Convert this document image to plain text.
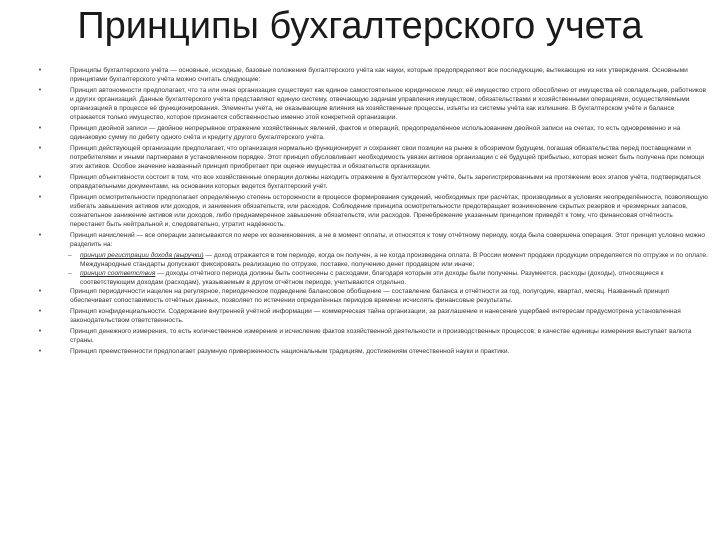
Принципы бухгалтерского учета
•	Принципы бухгалтерского учёта — основные, исходные, базовые положения бухгалтерского учёта как науки, которые предопределяют все последующие, вытекающие из них утверждения. Основными принципами бухгалтерского учёта можно считать следующие:
•	Принцип автономности предполагает, что та или иная организация существует как единое самостоятельное юридическое лицо; её имущество строго обособлено от имущества её совладельцев, работников и других организаций. Данные бухгалтерского учёта представляют единую систему, отвечающую задачам управления имуществом, обязательствами и хозяйственными операциями, осуществляемыми организацией в процессе её функционирования. Элементы учёта, не оказывающие влияния на хозяйственные процессы, изъяты из системы учёта как излишние. В бухгалтерском учёте и балансе отражается только имущество, которое признается собственностью именно этой конкретной организации.
•	Принцип двойной записи — двойное непрерывное отражение хозяйственных явлений, фактов и операций, предопределённое использованием двойной записи на счетах, то есть одновременно и на одинаковую сумму по дебету одного счёта и кредиту другого бухгалтерского учёта.
•	Принцип действующей организации предполагает, что организация нормально функционирует и сохраняет свои позиции на рынке в обозримом будущем, погашая обязательства перед поставщиками и потребителями и иными партнерами в установленном порядке. Этот принцип обусловливает необходимость увязки активов организации с её будущей прибылью, которая может быть получена при помощи этих активов. Особое значение названный принцип приобретает при оценке имущества и обязательств организации.
•	Принцип объективности состоит в том, что все хозяйственные операции должны находить отражение в бухгалтерском учёте, быть зарегистрированными на протяжении всех этапов учёта, подтверждаться оправдательными документами, на основании которых ведется бухгалтерский учёт.
•	Принцип осмотрительности предполагает определённую степень осторожности в процессе формирования суждений, необходимых при расчётах, производимых в условиях неопределённости, позволяющую избегать завышения активов или доходов, и занижения обязательств, или расходов. Соблюдение принципа осмотрительности предотвращает возникновение скрытых резервов и чрезмерных запасов, сознательное занижение активов или доходов, либо преднамеренное завышение обязательств, или расходов. Пренебрежение указанным принципом приведёт к тому, что финансовая отчётность перестанет быть нейтральной и, следовательно, утратит надёжность.
•	Принцип начислений — все операции записываются по мере их возникновения, а не в момент оплаты, и относятся к тому отчётному периоду, когда была совершена операция. Этот принцип условно можно разделить на:
– принцип регистрации дохода (выручки) — доход отражается в том периоде, когда он получен, а не когда произведена оплата. В России момент продажи продукции определяется по отгрузке и по оплате. Международные стандарты допускают фиксировать реализацию по отгрузке, поставке, получению денег продавцом или иначе;
– принцип соответствия — доходы отчётного периода должны быть соотнесены с расходами, благодаря которым эти доходы были получены. Разумеется, расходы (доходы), относящиеся к соответствующим доходам (расходам), указываемым в другом отчётном периоде, учитываются отдельно.
•	Принцип периодичности нацелен на регулярное, периодическое подведение балансовое обобщение — составление баланса и отчётности за год, полугодие, квартал, месяц. Названный принцип обеспечивает сопоставимость отчётных данных, позволяет по истечении определённых периодов времени исчислять финансовые результаты.
•	Принцип конфиденциальности. Содержание внутренней учётной информации — коммерческая тайна организации, за разглашение и нанесение ущербаеё интересам предусмотрена установленная законодательством ответственность.
•	Принцип денежного измерения, то есть количественное измерение и исчисление фактов хозяйственной деятельности и производственных процессов; в качестве единицы измерения выступает валюта страны.
•	Принцип преемственности предполагает разумную приверженность национальным традициям, достижениям отечественной науки и практики.
